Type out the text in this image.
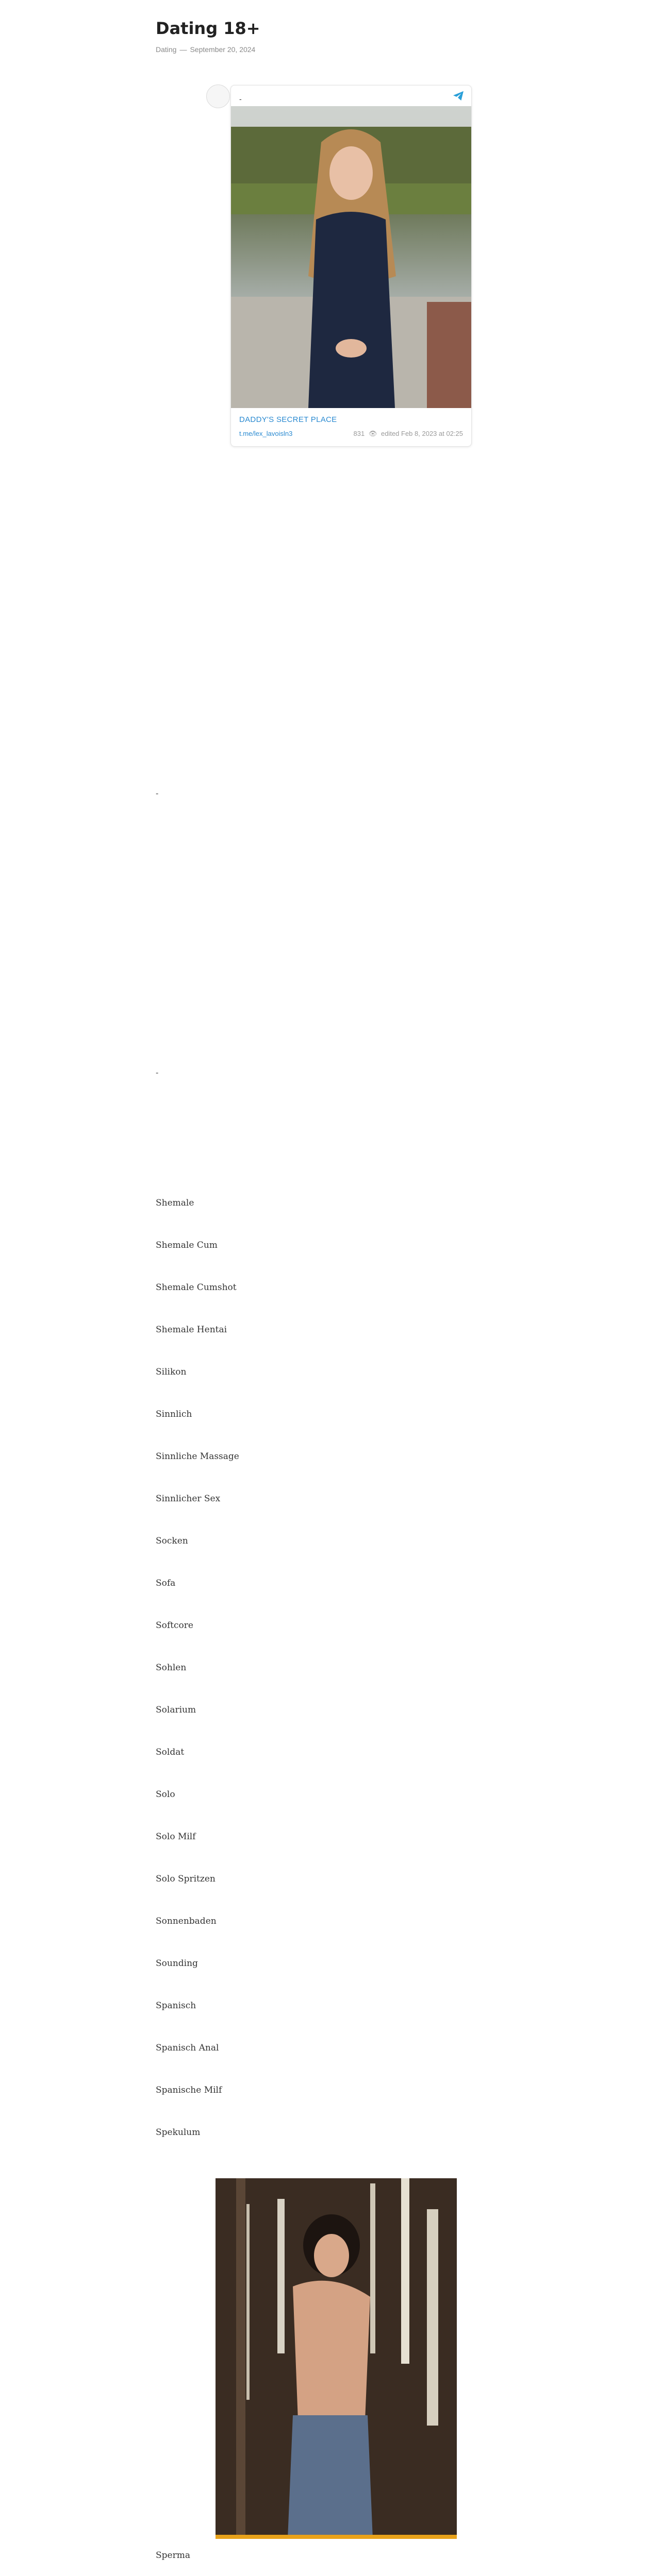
Dating 18+
Dating — September 20, 2024
-
DADDY'S SECRET PLACE
t.me/lex_lavoisln3	831 👁 edited Feb 8, 2023 at 02:25
-
-
Shemale
Shemale Cum
Shemale Cumshot
Shemale Hentai
Silikon
Sinnlich
Sinnliche Massage
Sinnlicher Sex
Socken
Sofa
Softcore
Sohlen
Solarium
Soldat
Solo
Solo Milf
Solo Spritzen
Sonnenbaden
Sounding
Spanisch
Spanisch Anal
Spanische Milf
Spekulum
Sperma
